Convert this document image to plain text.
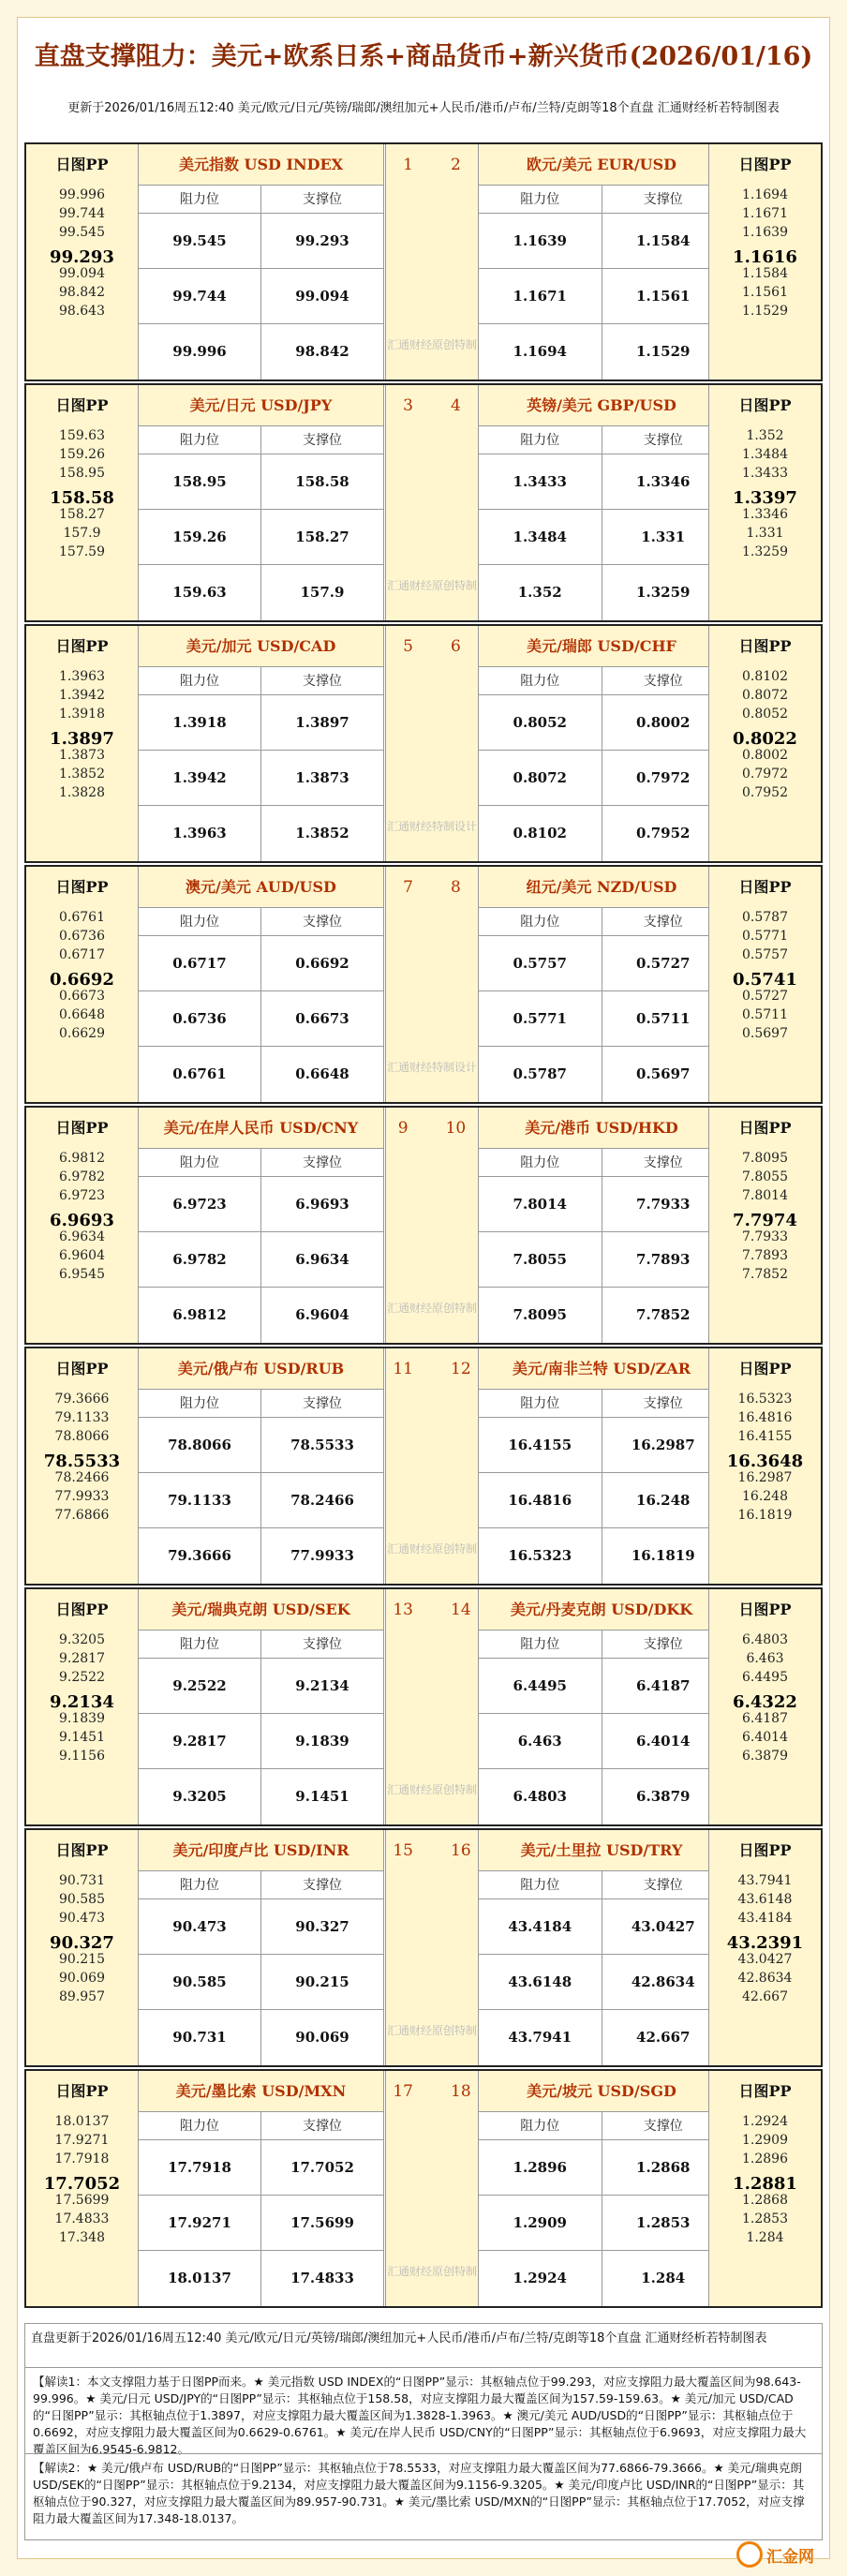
直盘支撑阻力：美元+欧系日系+商品货币+新兴货币(2026/01/16)
更新于2026/01/16周五12:40 美元/欧元/日元/英镑/瑞郎/澳纽加元+人民币/港币/卢布/兰特/克朗等18个直盘 汇通财经析若特制图表
日图PP
99.996
99.744
99.545
99.293
99.094
98.842
98.643
美元指数 USD INDEX
阻力位	支撑位
99.545	99.293
99.744	99.094
99.996	98.842
欧元/美元 EUR/USD
阻力位	支撑位
1.1639	1.1584
1.1671	1.1561
1.1694	1.1529
1 2
汇通财经原创特制
日图PP
1.1694
1.1671
1.1639
1.1616
1.1584
1.1561
1.1529
日图PP
159.63
159.26
158.95
158.58
158.27
157.9
157.59
美元/日元 USD/JPY
阻力位	支撑位
158.95	158.58
159.26	158.27
159.63	157.9
英镑/美元 GBP/USD
阻力位	支撑位
1.3433	1.3346
1.3484	1.331
1.352	1.3259
3 4
汇通财经原创特制
日图PP
1.352
1.3484
1.3433
1.3397
1.3346
1.331
1.3259
日图PP
1.3963
1.3942
1.3918
1.3897
1.3873
1.3852
1.3828
美元/加元 USD/CAD
阻力位	支撑位
1.3918	1.3897
1.3942	1.3873
1.3963	1.3852
美元/瑞郎 USD/CHF
阻力位	支撑位
0.8052	0.8002
0.8072	0.7972
0.8102	0.7952
5 6
汇通财经特制设计
日图PP
0.8102
0.8072
0.8052
0.8022
0.8002
0.7972
0.7952
日图PP
0.6761
0.6736
0.6717
0.6692
0.6673
0.6648
0.6629
澳元/美元 AUD/USD
阻力位	支撑位
0.6717	0.6692
0.6736	0.6673
0.6761	0.6648
纽元/美元 NZD/USD
阻力位	支撑位
0.5757	0.5727
0.5771	0.5711
0.5787	0.5697
7 8
汇通财经特制设计
日图PP
0.5787
0.5771
0.5757
0.5741
0.5727
0.5711
0.5697
日图PP
6.9812
6.9782
6.9723
6.9693
6.9634
6.9604
6.9545
美元/在岸人民币 USD/CNY
阻力位	支撑位
6.9723	6.9693
6.9782	6.9634
6.9812	6.9604
美元/港币 USD/HKD
阻力位	支撑位
7.8014	7.7933
7.8055	7.7893
7.8095	7.7852
9 10
汇通财经原创特制
日图PP
7.8095
7.8055
7.8014
7.7974
7.7933
7.7893
7.7852
日图PP
79.3666
79.1133
78.8066
78.5533
78.2466
77.9933
77.6866
美元/俄卢布 USD/RUB
阻力位	支撑位
78.8066	78.5533
79.1133	78.2466
79.3666	77.9933
美元/南非兰特 USD/ZAR
阻力位	支撑位
16.4155	16.2987
16.4816	16.248
16.5323	16.1819
11 12
汇通财经原创特制
日图PP
16.5323
16.4816
16.4155
16.3648
16.2987
16.248
16.1819
日图PP
9.3205
9.2817
9.2522
9.2134
9.1839
9.1451
9.1156
美元/瑞典克朗 USD/SEK
阻力位	支撑位
9.2522	9.2134
9.2817	9.1839
9.3205	9.1451
美元/丹麦克朗 USD/DKK
阻力位	支撑位
6.4495	6.4187
6.463	6.4014
6.4803	6.3879
13 14
汇通财经原创特制
日图PP
6.4803
6.463
6.4495
6.4322
6.4187
6.4014
6.3879
日图PP
90.731
90.585
90.473
90.327
90.215
90.069
89.957
美元/印度卢比 USD/INR
阻力位	支撑位
90.473	90.327
90.585	90.215
90.731	90.069
美元/土里拉 USD/TRY
阻力位	支撑位
43.4184	43.0427
43.6148	42.8634
43.7941	42.667
15 16
汇通财经原创特制
日图PP
43.7941
43.6148
43.4184
43.2391
43.0427
42.8634
42.667
日图PP
18.0137
17.9271
17.7918
17.7052
17.5699
17.4833
17.348
美元/墨比索 USD/MXN
阻力位	支撑位
17.7918	17.7052
17.9271	17.5699
18.0137	17.4833
美元/坡元 USD/SGD
阻力位	支撑位
1.2896	1.2868
1.2909	1.2853
1.2924	1.284
17 18
汇通财经原创特制
日图PP
1.2924
1.2909
1.2896
1.2881
1.2868
1.2853
1.284
直盘更新于2026/01/16周五12:40 美元/欧元/日元/英镑/瑞郎/澳纽加元+人民币/港币/卢布/兰特/克朗等18个直盘 汇通财经析若特制图表
【解读1：本文支撑阻力基于日图PP而来。★ 美元指数 USD INDEX的“日图PP”显示：其枢轴点位于99.293，对应支撑阻力最大覆盖区间为98.643-99.996。★ 美元/日元 USD/JPY的“日图PP”显示：其枢轴点位于158.58，对应支撑阻力最大覆盖区间为157.59-159.63。★ 美元/加元 USD/CAD的“日图PP”显示：其枢轴点位于1.3897，对应支撑阻力最大覆盖区间为1.3828-1.3963。★ 澳元/美元 AUD/USD的“日图PP”显示：其枢轴点位于0.6692，对应支撑阻力最大覆盖区间为0.6629-0.6761。★ 美元/在岸人民币 USD/CNY的“日图PP”显示：其枢轴点位于6.9693，对应支撑阻力最大覆盖区间为6.9545-6.9812。
【解读2：★ 美元/俄卢布 USD/RUB的“日图PP”显示：其枢轴点位于78.5533，对应支撑阻力最大覆盖区间为77.6866-79.3666。★ 美元/瑞典克朗 USD/SEK的“日图PP”显示：其枢轴点位于9.2134，对应支撑阻力最大覆盖区间为9.1156-9.3205。★ 美元/印度卢比 USD/INR的“日图PP”显示：其枢轴点位于90.327，对应支撑阻力最大覆盖区间为89.957-90.731。★ 美元/墨比索 USD/MXN的“日图PP”显示：其枢轴点位于17.7052，对应支撑阻力最大覆盖区间为17.348-18.0137。
汇金网
